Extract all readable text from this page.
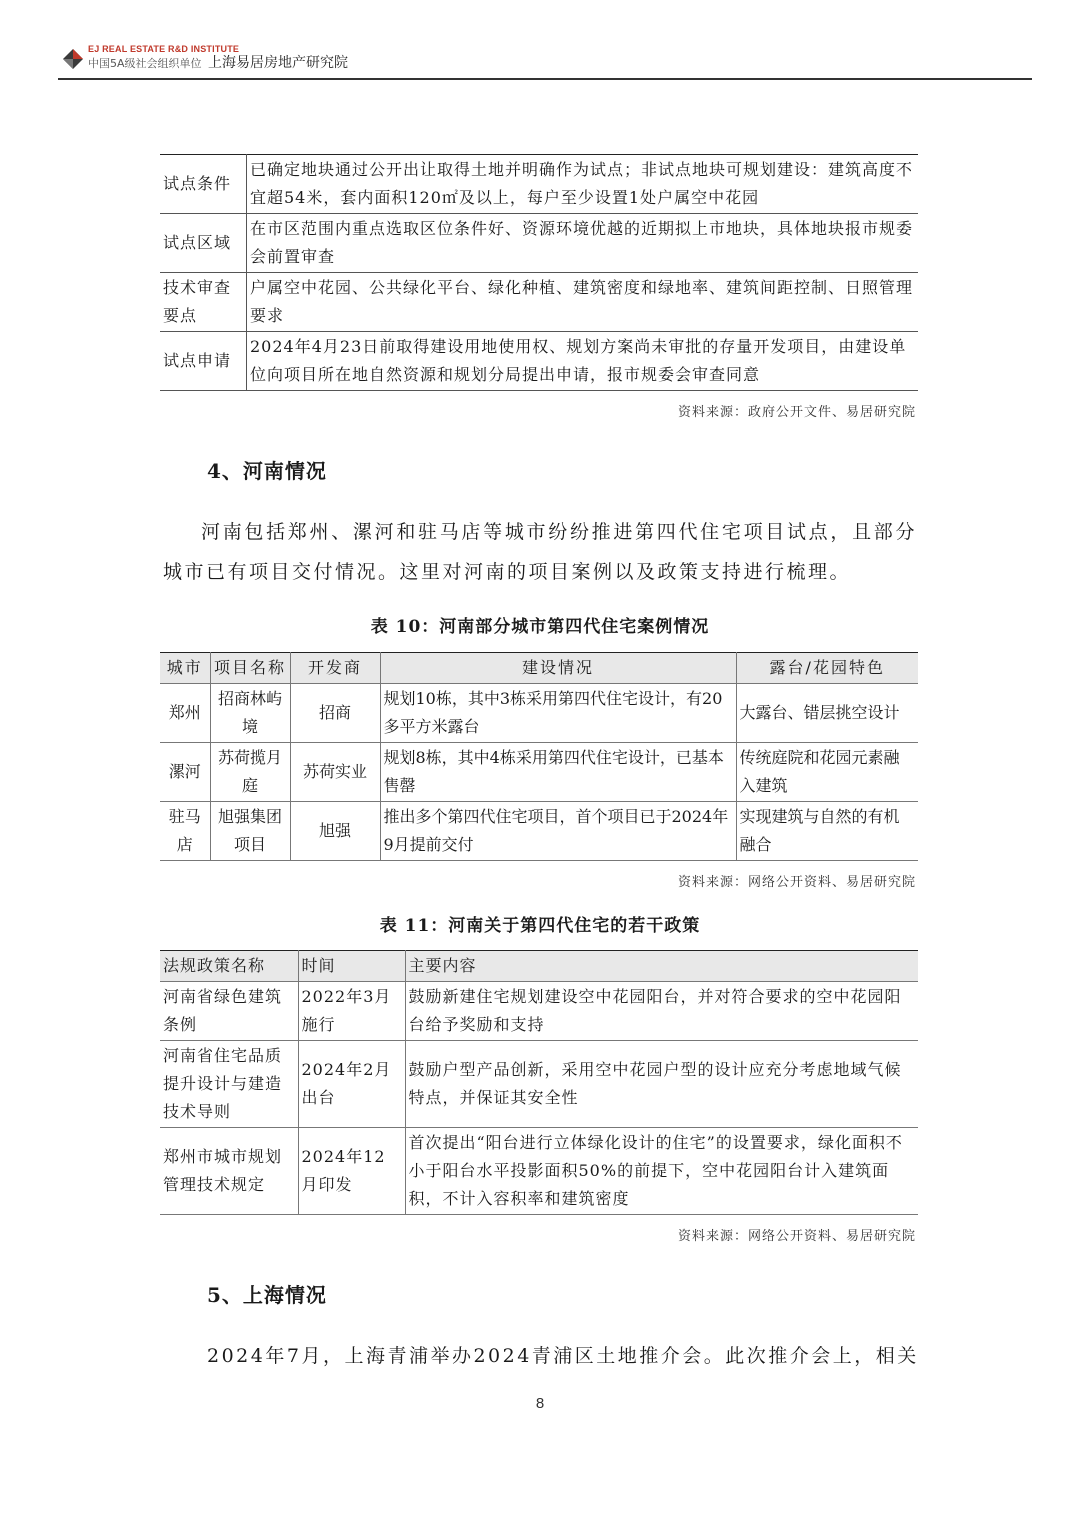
EJ REAL ESTATE R&D INSTITUTE
中国5A级社会组织单位 上海易居房地产研究院
试点条件	已确定地块通过公开出让取得土地并明确作为试点；非试点地块可规划建设：建筑高度不宜超54米，套内面积120㎡及以上，每户至少设置1处户属空中花园
试点区域	在市区范围内重点选取区位条件好、资源环境优越的近期拟上市地块，具体地块报市规委会前置审查
技术审查要点	户属空中花园、公共绿化平台、绿化种植、建筑密度和绿地率、建筑间距控制、日照管理要求
试点申请	2024年4月23日前取得建设用地使用权、规划方案尚未审批的存量开发项目，由建设单位向项目所在地自然资源和规划分局提出申请，报市规委会审查同意
资料来源：政府公开文件、易居研究院
4、河南情况
河南包括郑州、漯河和驻马店等城市纷纷推进第四代住宅项目试点，且部分城市已有项目交付情况。这里对河南的项目案例以及政策支持进行梳理。
表 10：河南部分城市第四代住宅案例情况
城市	项目名称	开发商	建设情况	露台/花园特色
郑州	招商林屿境	招商	规划10栋，其中3栋采用第四代住宅设计，有20多平方米露台	大露台、错层挑空设计
漯河	苏荷揽月庭	苏荷实业	规划8栋，其中4栋采用第四代住宅设计，已基本售罄	传统庭院和花园元素融入建筑
驻马店	旭强集团项目	旭强	推出多个第四代住宅项目，首个项目已于2024年9月提前交付	实现建筑与自然的有机融合
资料来源：网络公开资料、易居研究院
表 11：河南关于第四代住宅的若干政策
法规政策名称	时间	主要内容
河南省绿色建筑条例	2022年3月施行	鼓励新建住宅规划建设空中花园阳台，并对符合要求的空中花园阳台给予奖励和支持
河南省住宅品质提升设计与建造技术导则	2024年2月出台	鼓励户型产品创新，采用空中花园户型的设计应充分考虑地域气候特点，并保证其安全性
郑州市城市规划管理技术规定	2024年12月印发	首次提出“阳台进行立体绿化设计的住宅”的设置要求，绿化面积不小于阳台水平投影面积50%的前提下，空中花园阳台计入建筑面积，不计入容积率和建筑密度
资料来源：网络公开资料、易居研究院
5、上海情况
2024年7月，上海青浦举办2024青浦区土地推介会。此次推介会上，相关
8
